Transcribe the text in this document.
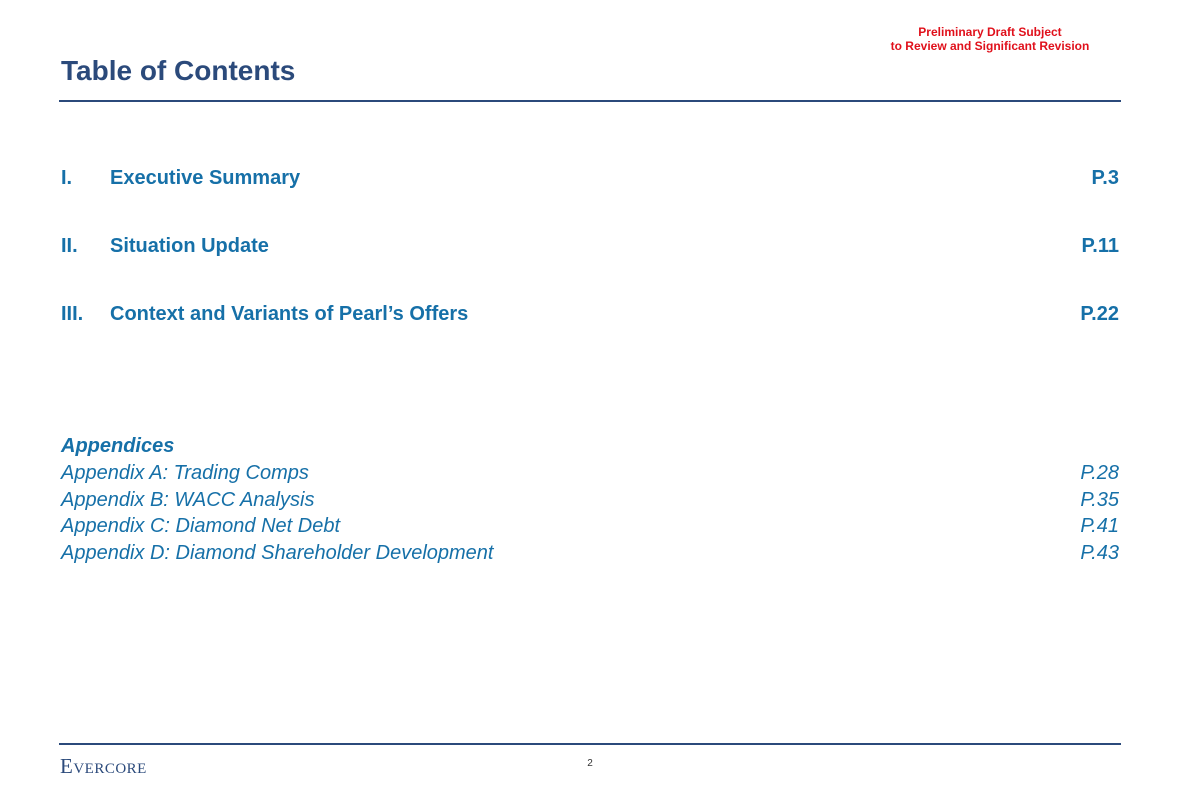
Preliminary Draft Subject
to Review and Significant Revision
Table of Contents
I. Executive Summary	P.3
II. Situation Update	P.11
III. Context and Variants of Pearl’s Offers	P.22
Appendices
Appendix A: Trading Comps	P.28
Appendix B: WACC Analysis	P.35
Appendix C: Diamond Net Debt	P.41
Appendix D: Diamond Shareholder Development	P.43
Evercore	2
